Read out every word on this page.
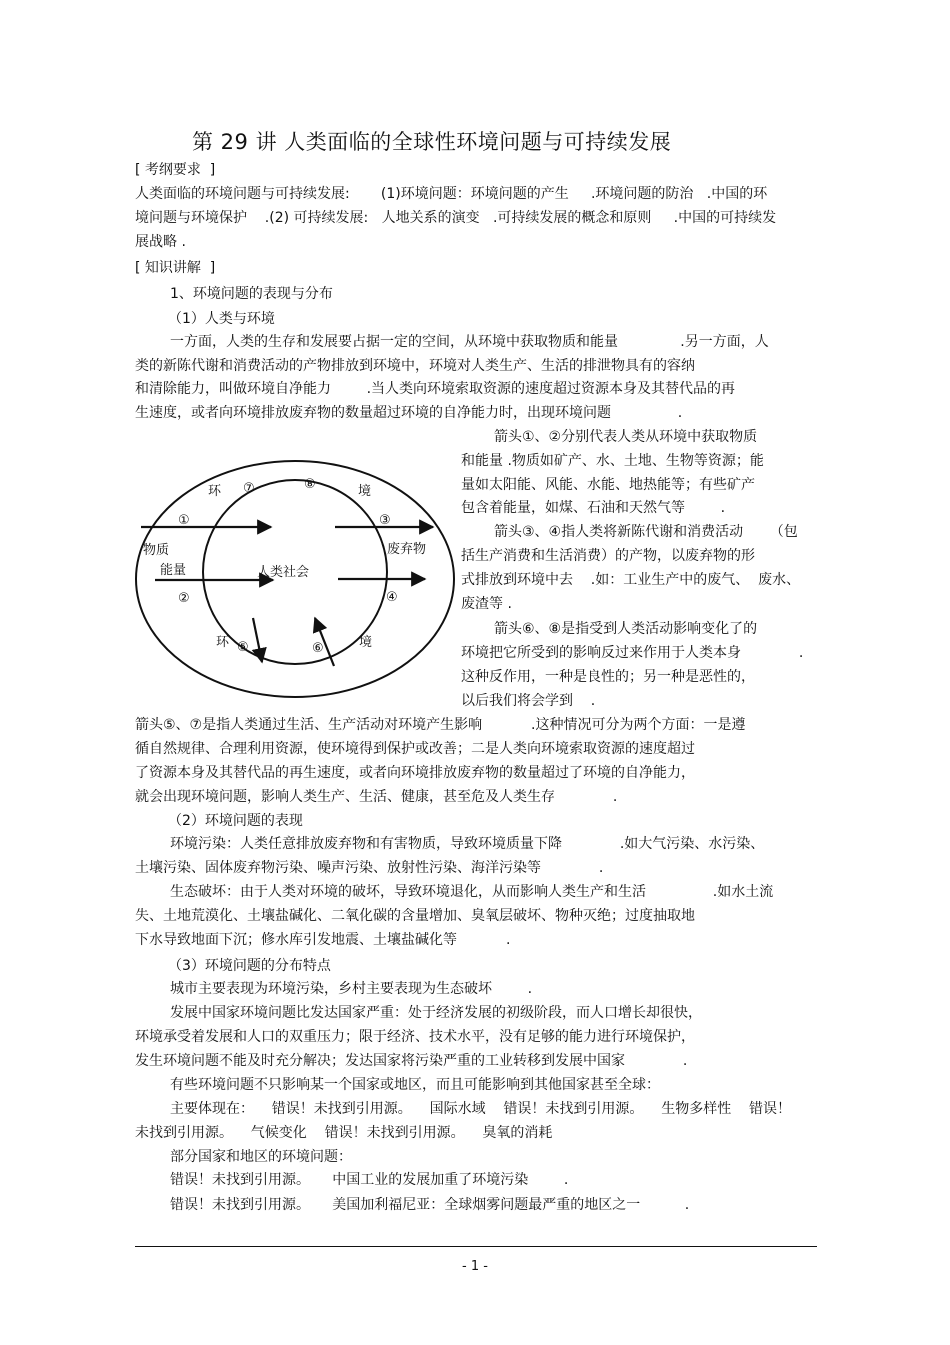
第 29 讲 人类面临的全球性环境问题与可持续发展
[ 考纲要求  ]
人类面临的环境问题与可持续发展:       (1)环境问题：环境问题的产生     .环境问题的防治   .中国的环
境问题与环境保护    .(2) 可持续发展:   人地关系的演变   .可持续发展的概念和原则     .中国的可持续发
展战略 .
[ 知识讲解  ]
1、环境问题的表现与分布
（1）人类与环境
一方面，人类的生存和发展要占据一定的空间，从环境中获取物质和能量              .另一方面，人
类的新陈代谢和消费活动的产物排放到环境中，环境对人类生产、生活的排泄物具有的容纳
和清除能力，叫做环境自净能力        .当人类向环境索取资源的速度超过资源本身及其替代品的再
生速度，或者向环境排放废弃物的数量超过环境的自净能力时，出现环境问题               .
环	境
环	境
人类社会
物质
能量
废弃物
⑦	⑧
①	③
②	④
⑤	⑥
箭头①、②分别代表人类从环境中获取物质
和能量 .物质如矿产、水、土地、生物等资源；能
量如太阳能、风能、水能、地热能等；有些矿产
包含着能量，如煤、石油和天然气等        .
箭头③、④指人类将新陈代谢和消费活动      （包
括生产消费和生活消费）的产物，以废弃物的形
式排放到环境中去    .如：工业生产中的废气、  废水、
废渣等 .
箭头⑥、⑧是指受到人类活动影响变化了的
环境把它所受到的影响反过来作用于人类本身             .
这种反作用，一种是良性的；另一种是恶性的，
以后我们将会学到    .
箭头⑤、⑦是指人类通过生活、生产活动对环境产生影响           .这种情况可分为两个方面：一是遵
循自然规律、合理利用资源，使环境得到保护或改善；二是人类向环境索取资源的速度超过
了资源本身及其替代品的再生速度，或者向环境排放废弃物的数量超过了环境的自净能力，
就会出现环境问题，影响人类生产、生活、健康，甚至危及人类生存             .
（2）环境问题的表现
环境污染：人类任意排放废弃物和有害物质，导致环境质量下降             .如大气污染、水污染、
土壤污染、固体废弃物污染、噪声污染、放射性污染、海洋污染等             .
生态破坏：由于人类对环境的破坏，导致环境退化，从而影响人类生产和生活               .如水土流
失、土地荒漠化、土壤盐碱化、二氧化碳的含量增加、臭氧层破坏、物种灭绝；过度抽取地
下水导致地面下沉；修水库引发地震、土壤盐碱化等           .
（3）环境问题的分布特点
城市主要表现为环境污染，乡村主要表现为生态破坏        .
发展中国家环境问题比发达国家严重：处于经济发展的初级阶段，而人口增长却很快，
环境承受着发展和人口的双重压力；限于经济、技术水平，没有足够的能力进行环境保护，
发生环境问题不能及时充分解决；发达国家将污染严重的工业转移到发展中国家             .
有些环境问题不只影响某一个国家或地区，而且可能影响到其他国家甚至全球：
主要体现在：    错误！未找到引用源。    国际水域    错误！未找到引用源。    生物多样性    错误！
未找到引用源。    气候变化    错误！未找到引用源。    臭氧的消耗
部分国家和地区的环境问题：
错误！未找到引用源。     中国工业的发展加重了环境污染        .
错误！未找到引用源。     美国加利福尼亚：全球烟雾问题最严重的地区之一          .
- 1 -
